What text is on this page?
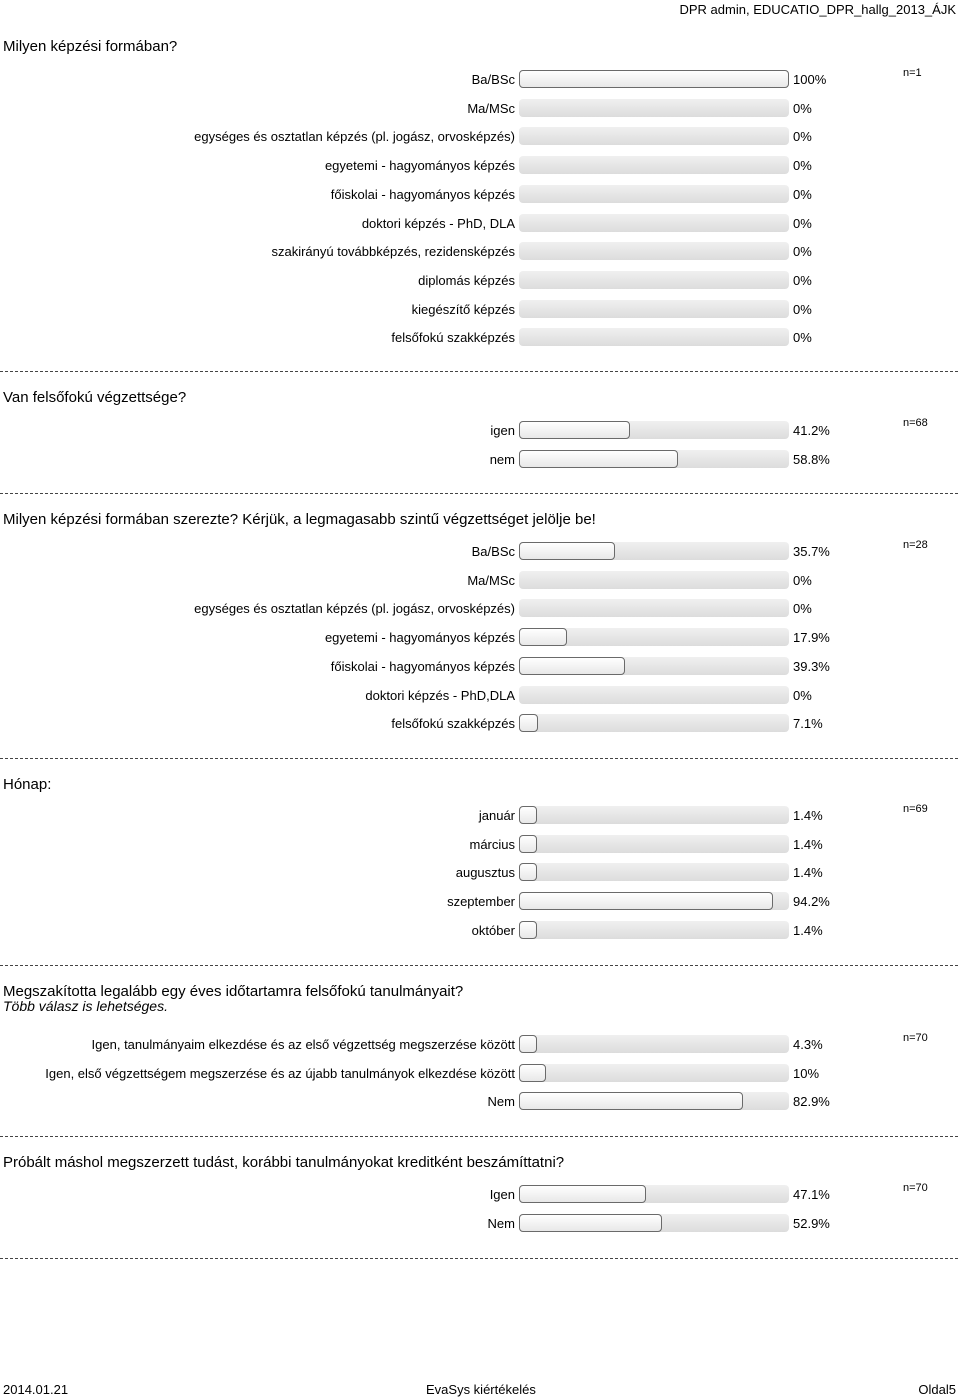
DPR admin, EDUCATIO_DPR_hallg_2013_ÁJK
Milyen képzési formában?
n=1
Ba/BSc	100%
Ma/MSc	0%
egységes és osztatlan képzés (pl. jogász, orvosképzés)	0%
egyetemi - hagyományos képzés	0%
főiskolai - hagyományos képzés	0%
doktori képzés - PhD, DLA	0%
szakirányú továbbképzés, rezidensképzés	0%
diplomás képzés	0%
kiegészítő képzés	0%
felsőfokú szakképzés	0%
Van felsőfokú végzettsége?
n=68
igen	41.2%
nem	58.8%
Milyen képzési formában szerezte? Kérjük, a legmagasabb szintű végzettséget jelölje be!
n=28
Ba/BSc	35.7%
Ma/MSc	0%
egységes és osztatlan képzés (pl. jogász, orvosképzés)	0%
egyetemi - hagyományos képzés	17.9%
főiskolai - hagyományos képzés	39.3%
doktori képzés - PhD,DLA	0%
felsőfokú szakképzés	7.1%
Hónap:
n=69
január	1.4%
március	1.4%
augusztus	1.4%
szeptember	94.2%
október	1.4%
Megszakította legalább egy éves időtartamra felsőfokú tanulmányait?
Több válasz is lehetséges.
n=70
Igen, tanulmányaim elkezdése és az első végzettség megszerzése között	4.3%
Igen, első végzettségem megszerzése és az újabb tanulmányok elkezdése között	10%
Nem	82.9%
Próbált máshol megszerzett tudást, korábbi tanulmányokat kreditként beszámíttatni?
n=70
Igen	47.1%
Nem	52.9%
2014.01.21	EvaSys kiértékelés	Oldal5
